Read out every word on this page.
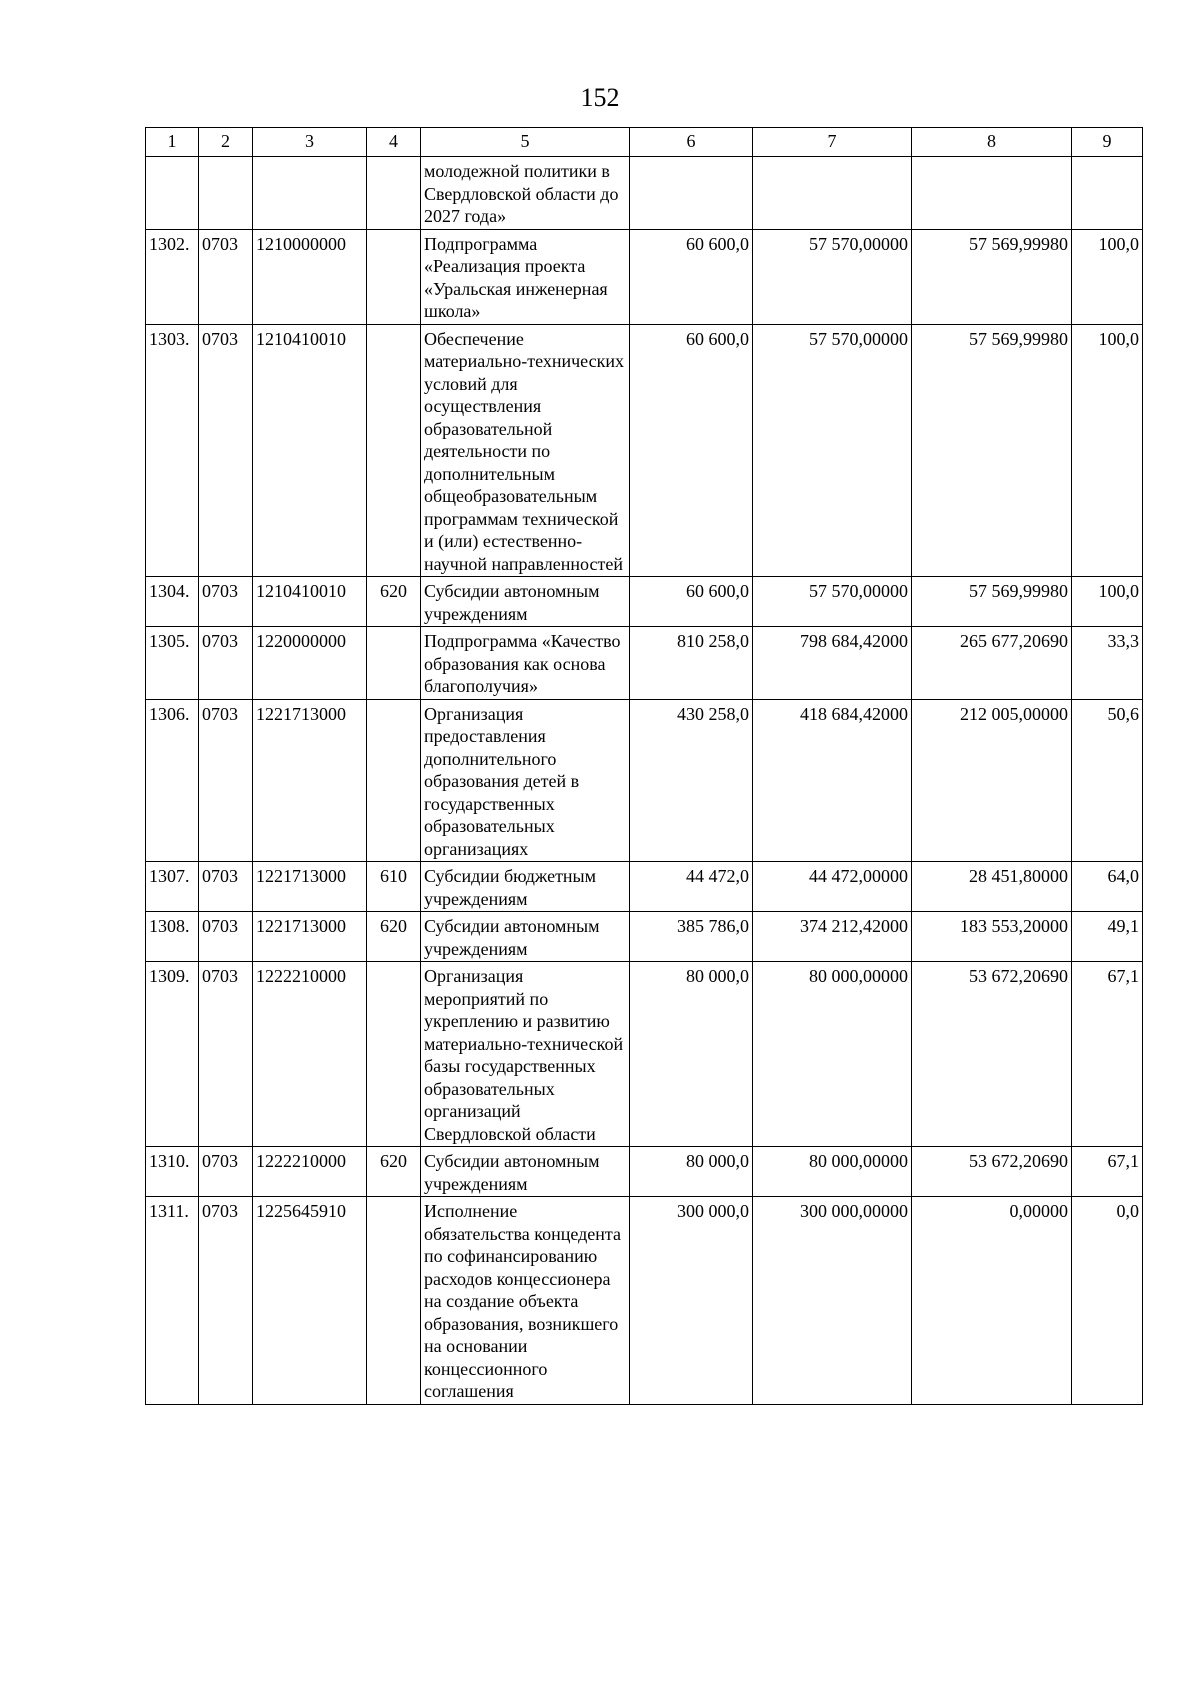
152
1	2	3	4	5	6	7	8	9
				молодежной политики в Свердловской области до 2027 года»				
1302.	0703	1210000000		Подпрограмма «Реализация проекта «Уральская инженерная школа»	60 600,0	57 570,00000	57 569,99980	100,0
1303.	0703	1210410010		Обеспечение материально-технических условий для осуществления образовательной деятельности по дополнительным общеобразовательным программам технической и (или) естественно-научной направленностей	60 600,0	57 570,00000	57 569,99980	100,0
1304.	0703	1210410010	620	Субсидии автономным учреждениям	60 600,0	57 570,00000	57 569,99980	100,0
1305.	0703	1220000000		Подпрограмма «Качество образования как основа благополучия»	810 258,0	798 684,42000	265 677,20690	33,3
1306.	0703	1221713000		Организация предоставления дополнительного образования детей в государственных образовательных организациях	430 258,0	418 684,42000	212 005,00000	50,6
1307.	0703	1221713000	610	Субсидии бюджетным учреждениям	44 472,0	44 472,00000	28 451,80000	64,0
1308.	0703	1221713000	620	Субсидии автономным учреждениям	385 786,0	374 212,42000	183 553,20000	49,1
1309.	0703	1222210000		Организация мероприятий по укреплению и развитию материально-технической базы государственных образовательных организаций Свердловской области	80 000,0	80 000,00000	53 672,20690	67,1
1310.	0703	1222210000	620	Субсидии автономным учреждениям	80 000,0	80 000,00000	53 672,20690	67,1
1311.	0703	1225645910		Исполнение обязательства концедента по софинансированию расходов концессионера на создание объекта образования, возникшего на основании концессионного соглашения	300 000,0	300 000,00000	0,00000	0,0
